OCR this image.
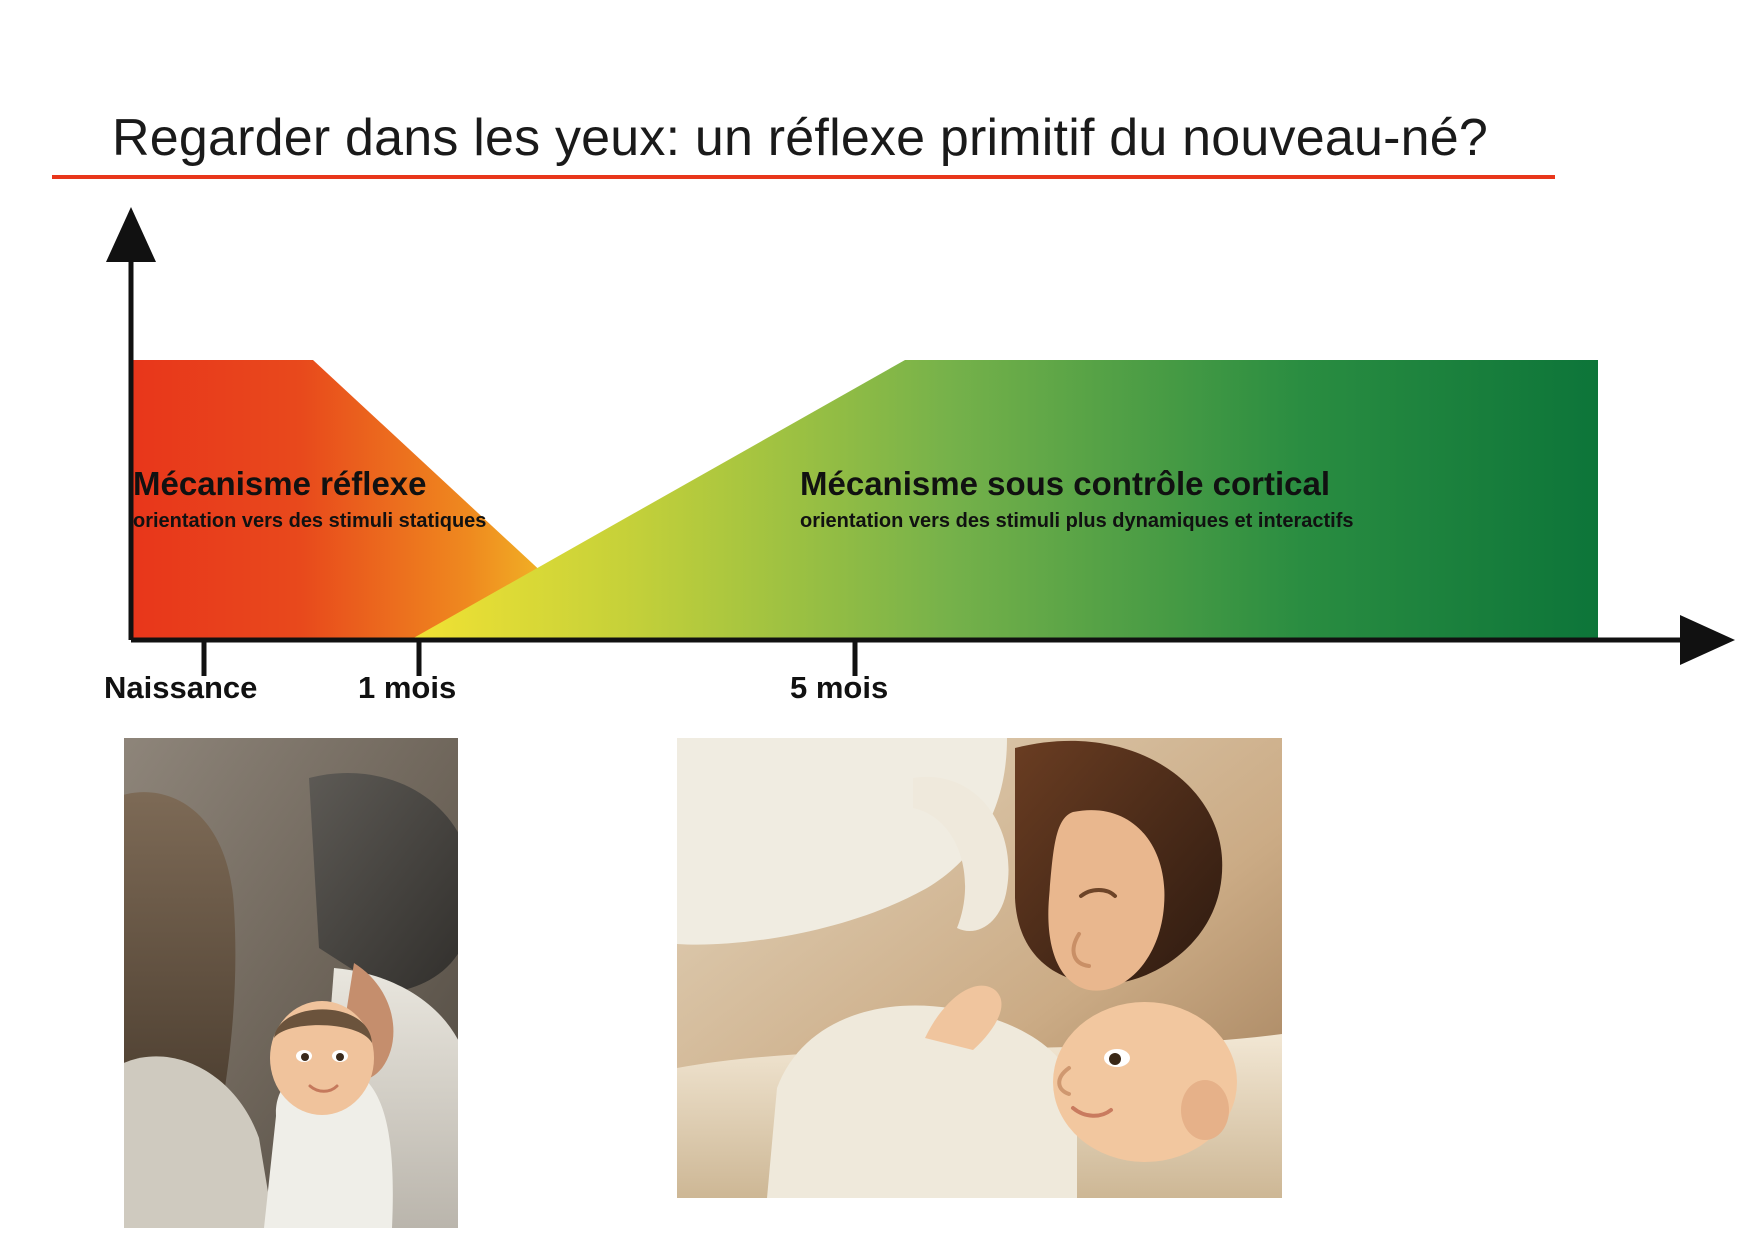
Regarder dans les yeux: un réflexe primitif du nouveau-né?
Mécanisme réflexe
orientation vers des stimuli statiques
Mécanisme sous contrôle cortical
orientation vers des stimuli plus dynamiques et interactifs
Naissance	1 mois	5 mois
